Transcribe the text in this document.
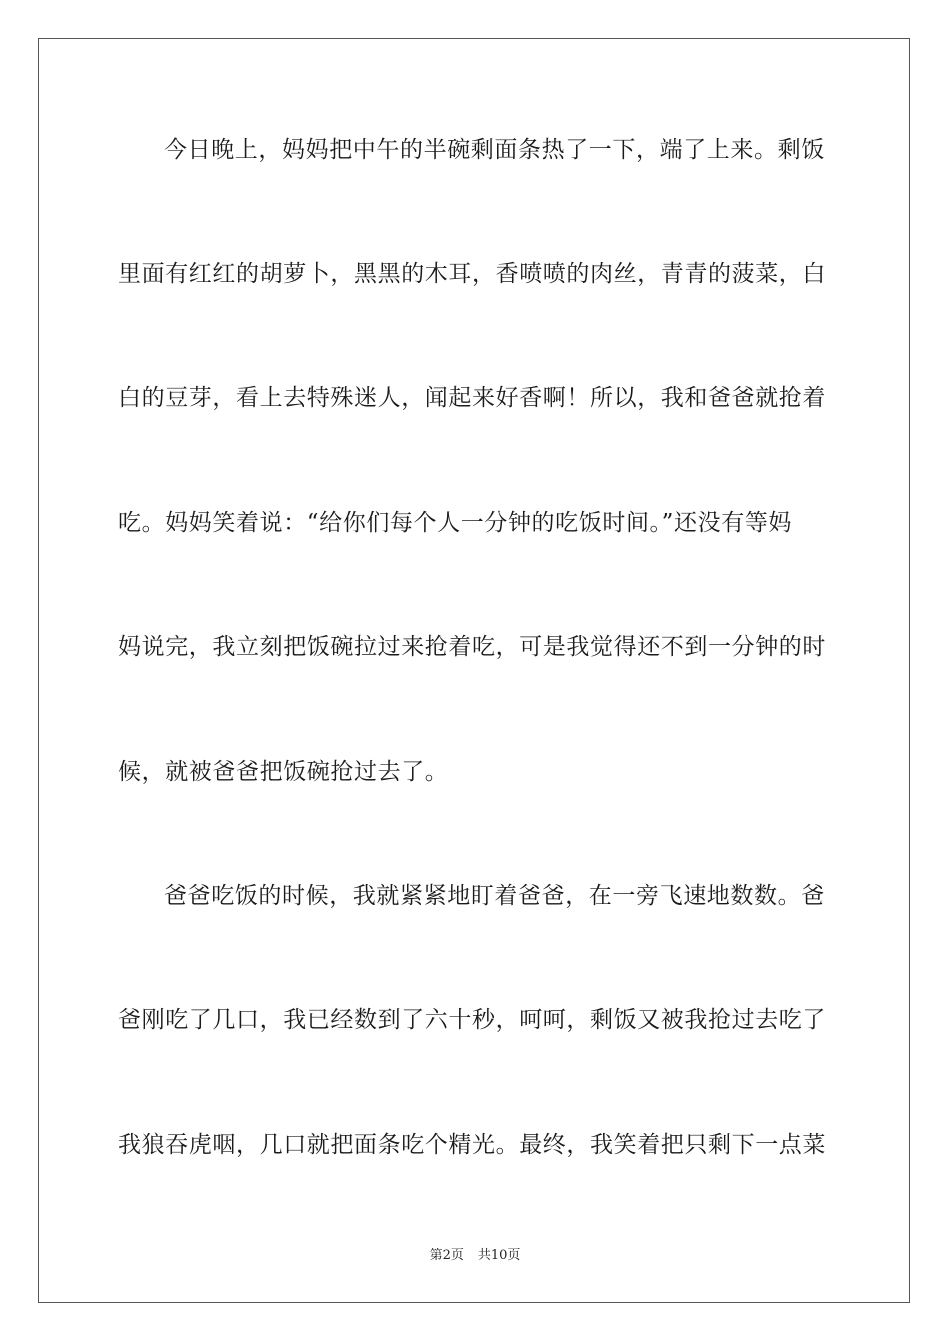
今日晚上，妈妈把中午的半碗剩面条热了一下，端了上来。剩饭
里面有红红的胡萝卜，黑黑的木耳，香喷喷的肉丝，青青的菠菜，白
白的豆芽，看上去特殊迷人，闻起来好香啊！所以，我和爸爸就抢着
吃。妈妈笑着说：“给你们每个人一分钟的吃饭时间。”还没有等妈
妈说完，我立刻把饭碗拉过来抢着吃，可是我觉得还不到一分钟的时
候，就被爸爸把饭碗抢过去了。
爸爸吃饭的时候，我就紧紧地盯着爸爸，在一旁飞速地数数。爸
爸刚吃了几口，我已经数到了六十秒，呵呵，剩饭又被我抢过去吃了
我狼吞虎咽，几口就把面条吃个精光。最终，我笑着把只剩下一点菜
第2页 共10页
